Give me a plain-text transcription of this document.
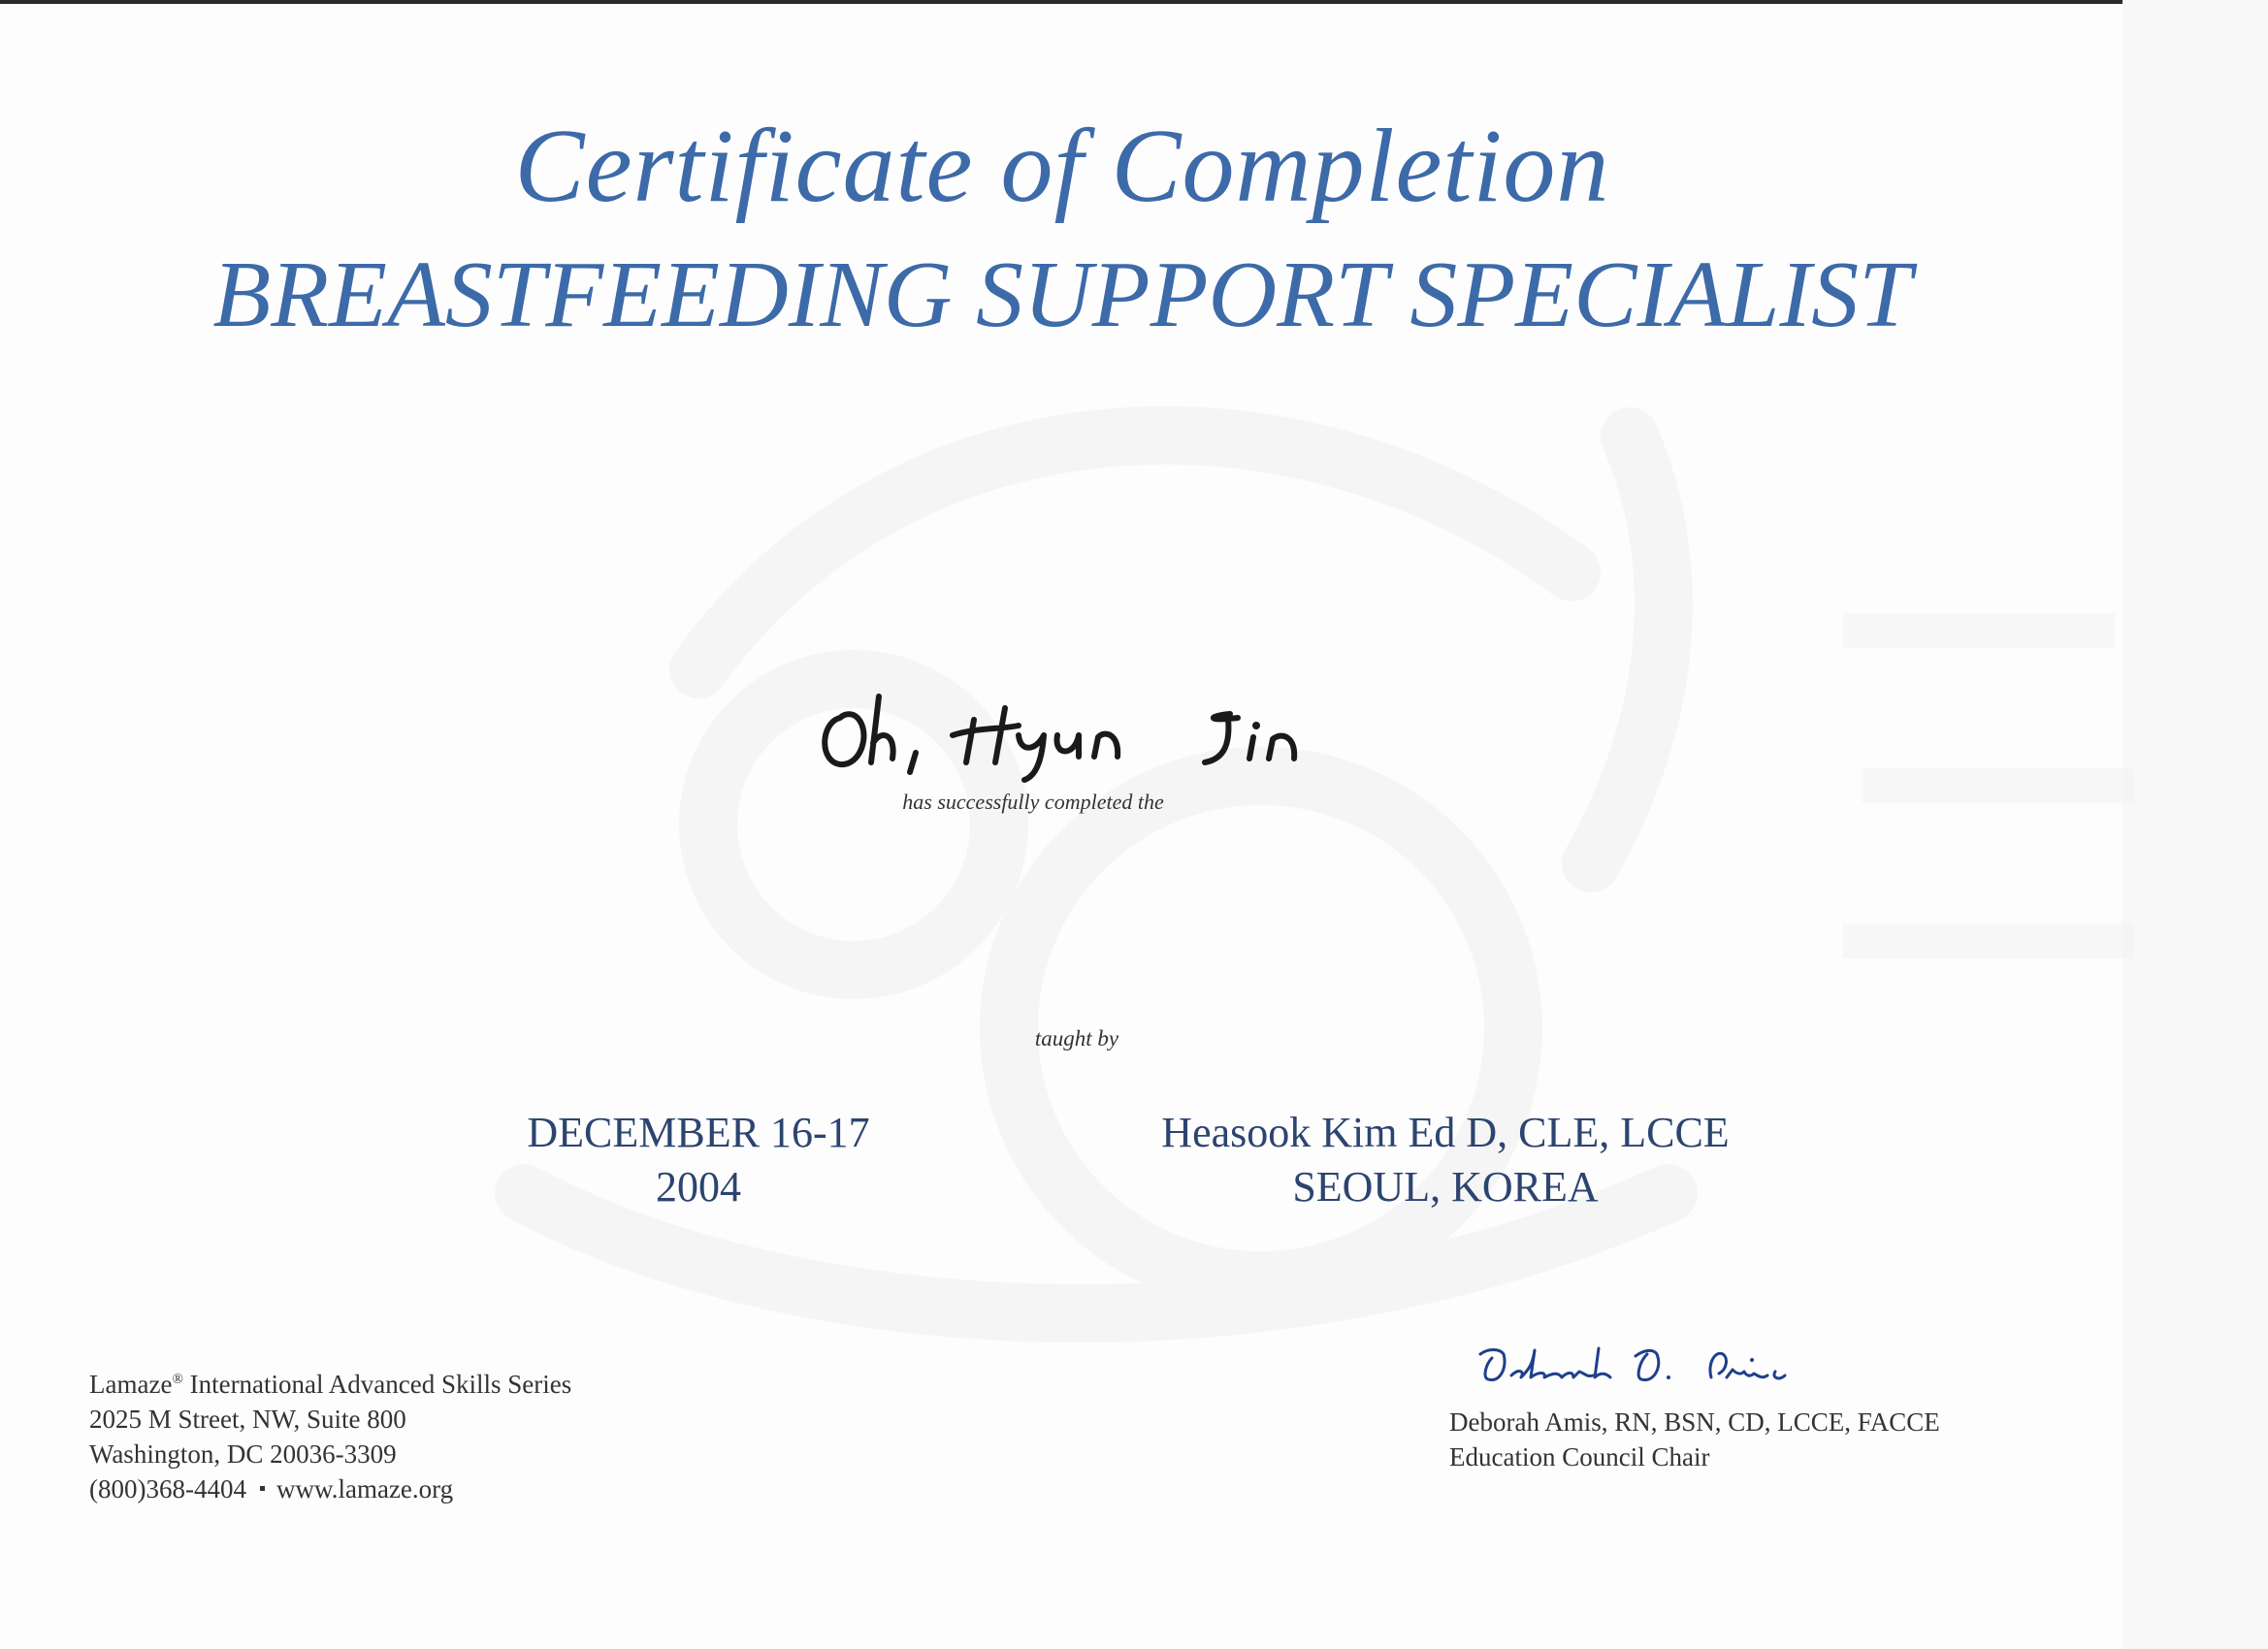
Certificate of Completion
BREASTFEEDING SUPPORT SPECIALIST
has successfully completed the
taught by
DECEMBER 16-17
2004
Heasook Kim Ed D, CLE, LCCE
SEOUL, KOREA
Lamaze® International Advanced Skills Series
2025 M Street, NW, Suite 800
Washington, DC 20036-3309
(800)368-4404 www.lamaze.org
Deborah Amis, RN, BSN, CD, LCCE, FACCE
Education Council Chair
